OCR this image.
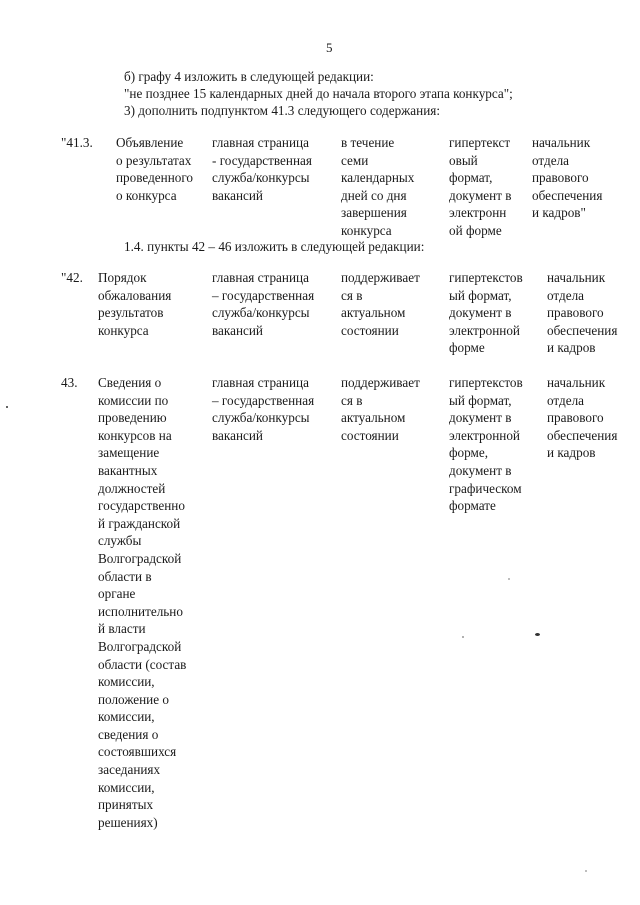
5
б) графу 4 изложить в следующей редакции:
"не позднее 15 календарных дней до начала второго этапа конкурса";
3) дополнить подпунктом 41.3 следующего содержания:
"41.3. Объявление
о результатах
проведенного
о конкурса
главная страница
- государственная
служба/конкурсы
вакансий
в течение
семи
календарных
дней со дня
завершения
конкурса
гипертекст
овый
формат,
документ в
электронн
ой форме
начальник
отдела
правового
обеспечения
и кадров"
1.4. пункты 42 – 46 изложить в следующей редакции:
"42. Порядок
обжалования
результатов
конкурса
главная страница
– государственная
служба/конкурсы
вакансий
поддерживает
ся в
актуальном
состоянии
гипертекстов
ый формат,
документ в
электронной
форме
начальник
отдела
правового
обеспечения
и кадров
43. Сведения о
комиссии по
проведению
конкурсов на
замещение
вакантных
должностей
государственно
й гражданской
службы
Волгоградской
области в
органе
исполнительно
й власти
Волгоградской
области (состав
комиссии,
положение о
комиссии,
сведения о
состоявшихся
заседаниях
комиссии,
принятых
решениях)
главная страница
– государственная
служба/конкурсы
вакансий
поддерживает
ся в
актуальном
состоянии
гипертекстов
ый формат,
документ в
электронной
форме,
документ в
графическом
формате
начальник
отдела
правового
обеспечения
и кадров
